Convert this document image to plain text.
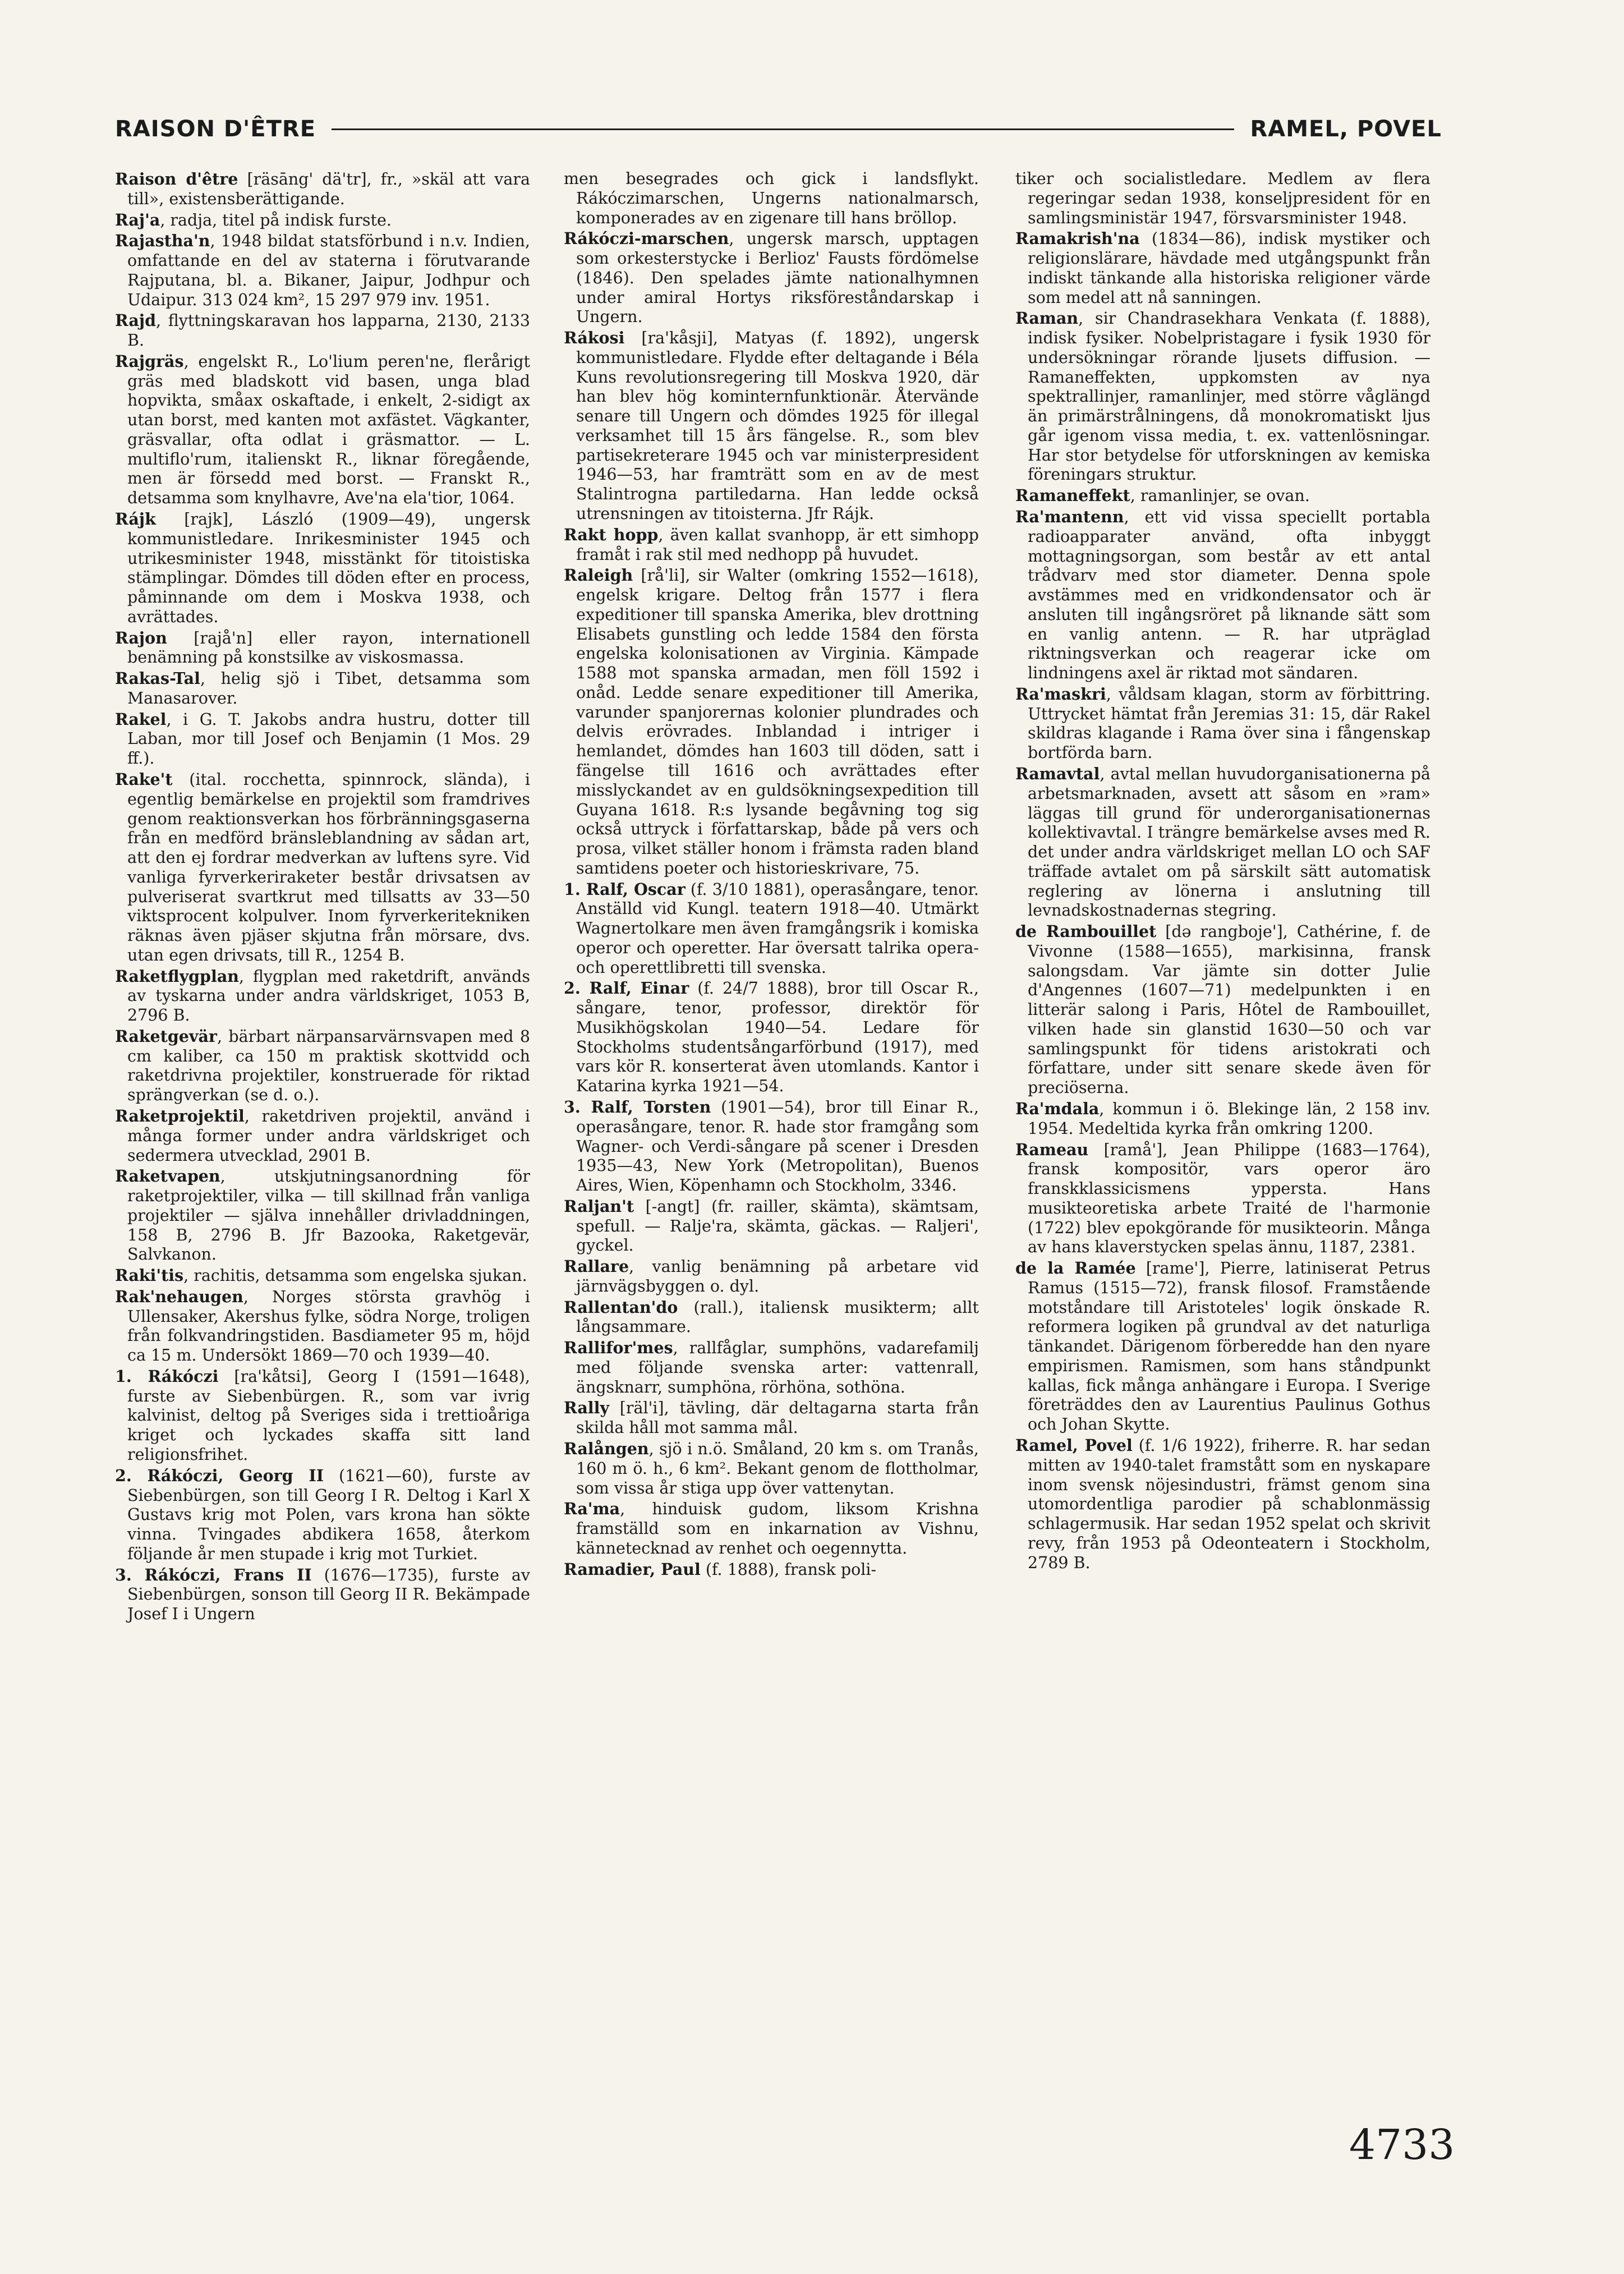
RAISON D'ÊTRE	RAMEL, POVEL

Raison d'être [räsāng' dä'tr], fr., »skäl att vara till», existensberättigande.

Raj'a, radja, titel på indisk furste.

Rajastha'n, 1948 bildat statsförbund i n.v. Indien, omfattande en del av staterna i förutvarande Rajputana, bl. a. Bikaner, Jaipur, Jodhpur och Udaipur. 313 024 km², 15 297 979 inv. 1951.

Rajd, flyttningskaravan hos lapparna, 2130, 2133 B.

Rajgräs, engelskt R., Lo'lium peren'ne, flerårigt gräs med bladskott vid basen, unga blad hopvikta, småax oskaftade, i enkelt, 2-sidigt ax utan borst, med kanten mot axfästet. Vägkanter, gräsvallar, ofta odlat i gräsmattor. — L. multiflo'rum, italienskt R., liknar föregående, men är försedd med borst. — Franskt R., detsamma som knylhavre, Ave'na ela'tior, 1064.

Rájk [rajk], László (1909—49), ungersk kommunistledare. Inrikesminister 1945 och utrikesminister 1948, misstänkt för titoistiska stämplingar. Dömdes till döden efter en process, påminnande om dem i Moskva 1938, och avrättades.

Rajon [rajå'n] eller rayon, internationell benämning på konstsilke av viskosmassa.

Rakas-Tal, helig sjö i Tibet, detsamma som Manasarover.

Rakel, i G. T. Jakobs andra hustru, dotter till Laban, mor till Josef och Benjamin (1 Mos. 29 ff.).

Rake't (ital. rocchetta, spinnrock, slända), i egentlig bemärkelse en projektil som framdrives genom reaktionsverkan hos förbränningsgaserna från en medförd bränsleblandning av sådan art, att den ej fordrar medverkan av luftens syre. Vid vanliga fyrverkeriraketer består drivsatsen av pulveriserat svartkrut med tillsatts av 33—50 viktsprocent kolpulver. Inom fyrverkeritekniken räknas även pjäser skjutna från mörsare, dvs. utan egen drivsats, till R., 1254 B.

Raketflygplan, flygplan med raketdrift, används av tyskarna under andra världskriget, 1053 B, 2796 B.

Raketgevär, bärbart närpansarvärnsvapen med 8 cm kaliber, ca 150 m praktisk skottvidd och raketdrivna projektiler, konstruerade för riktad sprängverkan (se d. o.).

Raketprojektil, raketdriven projektil, använd i många former under andra världskriget och sedermera utvecklad, 2901 B.

Raketvapen, utskjutningsanordning för raketprojektiler, vilka — till skillnad från vanliga projektiler — själva innehåller drivladdningen, 158 B, 2796 B. Jfr Bazooka, Raketgevär, Salvkanon.

Raki'tis, rachitis, detsamma som engelska sjukan.

Rak'nehaugen, Norges största gravhög i Ullensaker, Akershus fylke, södra Norge, troligen från folkvandringstiden. Basdiameter 95 m, höjd ca 15 m. Undersökt 1869—70 och 1939—40.

1. Rákóczi [ra'kåtsi], Georg I (1591—1648), furste av Siebenbürgen. R., som var ivrig kalvinist, deltog på Sveriges sida i trettioåriga kriget och lyckades skaffa sitt land religionsfrihet.

2. Rákóczi, Georg II (1621—60), furste av Siebenbürgen, son till Georg I R. Deltog i Karl X Gustavs krig mot Polen, vars krona han sökte vinna. Tvingades abdikera 1658, återkom följande år men stupade i krig mot Turkiet.

3. Rákóczi, Frans II (1676—1735), furste av Siebenbürgen, sonson till Georg II R. Bekämpade Josef I i Ungern

men besegrades och gick i landsflykt. Rákóczimarschen, Ungerns nationalmarsch, komponerades av en zigenare till hans bröllop.

Rákóczi-marschen, ungersk marsch, upptagen som orkesterstycke i Berlioz' Fausts fördömelse (1846). Den spelades jämte nationalhymnen under amiral Hortys riksföreståndarskap i Ungern.

Rákosi [ra'kåsji], Matyas (f. 1892), ungersk kommunistledare. Flydde efter deltagande i Béla Kuns revolutionsregering till Moskva 1920, där han blev hög kominternfunktionär. Återvände senare till Ungern och dömdes 1925 för illegal verksamhet till 15 års fängelse. R., som blev partisekreterare 1945 och var ministerpresident 1946—53, har framträtt som en av de mest Stalintrogna partiledarna. Han ledde också utrensningen av titoisterna. Jfr Rájk.

Rakt hopp, även kallat svanhopp, är ett simhopp framåt i rak stil med nedhopp på huvudet.

Raleigh [rå'li], sir Walter (omkring 1552—1618), engelsk krigare. Deltog från 1577 i flera expeditioner till spanska Amerika, blev drottning Elisabets gunstling och ledde 1584 den första engelska kolonisationen av Virginia. Kämpade 1588 mot spanska armadan, men föll 1592 i onåd. Ledde senare expeditioner till Amerika, varunder spanjorernas kolonier plundrades och delvis erövrades. Inblandad i intriger i hemlandet, dömdes han 1603 till döden, satt i fängelse till 1616 och avrättades efter misslyckandet av en guldsökningsexpedition till Guyana 1618. R:s lysande begåvning tog sig också uttryck i författarskap, både på vers och prosa, vilket ställer honom i främsta raden bland samtidens poeter och historieskrivare, 75.

1. Ralf, Oscar (f. 3/10 1881), operasångare, tenor. Anställd vid Kungl. teatern 1918—40. Utmärkt Wagnertolkare men även framgångsrik i komiska operor och operetter. Har översatt talrika opera- och operettlibretti till svenska.

2. Ralf, Einar (f. 24/7 1888), bror till Oscar R., sångare, tenor, professor, direktör för Musikhögskolan 1940—54. Ledare för Stockholms studentsångarförbund (1917), med vars kör R. konserterat även utomlands. Kantor i Katarina kyrka 1921—54.

3. Ralf, Torsten (1901—54), bror till Einar R., operasångare, tenor. R. hade stor framgång som Wagner- och Verdi-sångare på scener i Dresden 1935—43, New York (Metropolitan), Buenos Aires, Wien, Köpenhamn och Stockholm, 3346.

Raljan't [-angt] (fr. railler, skämta), skämtsam, spefull. — Ralje'ra, skämta, gäckas. — Raljeri', gyckel.

Rallare, vanlig benämning på arbetare vid järnvägsbyggen o. dyl.

Rallentan'do (rall.), italiensk musikterm; allt långsammare.

Rallifor'mes, rallfåglar, sumphöns, vadarefamilj med följande svenska arter: vattenrall, ängsknarr, sumphöna, rörhöna, sothöna.

Rally [räl'i], tävling, där deltagarna starta från skilda håll mot samma mål.

Ralången, sjö i n.ö. Småland, 20 km s. om Tranås, 160 m ö. h., 6 km². Bekant genom de flottholmar, som vissa år stiga upp över vattenytan.

Ra'ma, hinduisk gudom, liksom Krishna framställd som en inkarnation av Vishnu, kännetecknad av renhet och oegennytta.

Ramadier, Paul (f. 1888), fransk poli-

tiker och socialistledare. Medlem av flera regeringar sedan 1938, konseljpresident för en samlingsministär 1947, försvarsminister 1948.

Ramakrish'na (1834—86), indisk mystiker och religionslärare, hävdade med utgångspunkt från indiskt tänkande alla historiska religioner värde som medel att nå sanningen.

Raman, sir Chandrasekhara Venkata (f. 1888), indisk fysiker. Nobelpristagare i fysik 1930 för undersökningar rörande ljusets diffusion. — Ramaneffekten, uppkomsten av nya spektrallinjer, ramanlinjer, med större våglängd än primärstrålningens, då monokromatiskt ljus går igenom vissa media, t. ex. vattenlösningar. Har stor betydelse för utforskningen av kemiska föreningars struktur.

Ramaneffekt, ramanlinjer, se ovan.

Ra'mantenn, ett vid vissa speciellt portabla radioapparater använd, ofta inbyggt mottagningsorgan, som består av ett antal trådvarv med stor diameter. Denna spole avstämmes med en vridkondensator och är ansluten till ingångsröret på liknande sätt som en vanlig antenn. — R. har utpräglad riktningsverkan och reagerar icke om lindningens axel är riktad mot sändaren.

Ra'maskri, våldsam klagan, storm av förbittring. Uttrycket hämtat från Jeremias 31: 15, där Rakel skildras klagande i Rama över sina i fångenskap bortförda barn.

Ramavtal, avtal mellan huvudorganisationerna på arbetsmarknaden, avsett att såsom en »ram» läggas till grund för underorganisationernas kollektivavtal. I trängre bemärkelse avses med R. det under andra världskriget mellan LO och SAF träffade avtalet om på särskilt sätt automatisk reglering av lönerna i anslutning till levnadskostnadernas stegring.

de Rambouillet [də rangboje'], Cathérine, f. de Vivonne (1588—1655), markisinna, fransk salongsdam. Var jämte sin dotter Julie d'Angennes (1607—71) medelpunkten i en litterär salong i Paris, Hôtel de Rambouillet, vilken hade sin glanstid 1630—50 och var samlingspunkt för tidens aristokrati och författare, under sitt senare skede även för preciöserna.

Ra'mdala, kommun i ö. Blekinge län, 2 158 inv. 1954. Medeltida kyrka från omkring 1200.

Rameau [ramå'], Jean Philippe (1683—1764), fransk kompositör, vars operor äro franskklassicismens yppersta. Hans musikteoretiska arbete Traité de l'harmonie (1722) blev epokgörande för musikteorin. Många av hans klaverstycken spelas ännu, 1187, 2381.

de la Ramée [rame'], Pierre, latiniserat Petrus Ramus (1515—72), fransk filosof. Framstående motståndare till Aristoteles' logik önskade R. reformera logiken på grundval av det naturliga tänkandet. Därigenom förberedde han den nyare empirismen. Ramismen, som hans ståndpunkt kallas, fick många anhängare i Europa. I Sverige företräddes den av Laurentius Paulinus Gothus och Johan Skytte.

Ramel, Povel (f. 1/6 1922), friherre. R. har sedan mitten av 1940-talet framstått som en nyskapare inom svensk nöjesindustri, främst genom sina utomordentliga parodier på schablonmässig schlagermusik. Har sedan 1952 spelat och skrivit revy, från 1953 på Odeonteatern i Stockholm, 2789 B.

4733
